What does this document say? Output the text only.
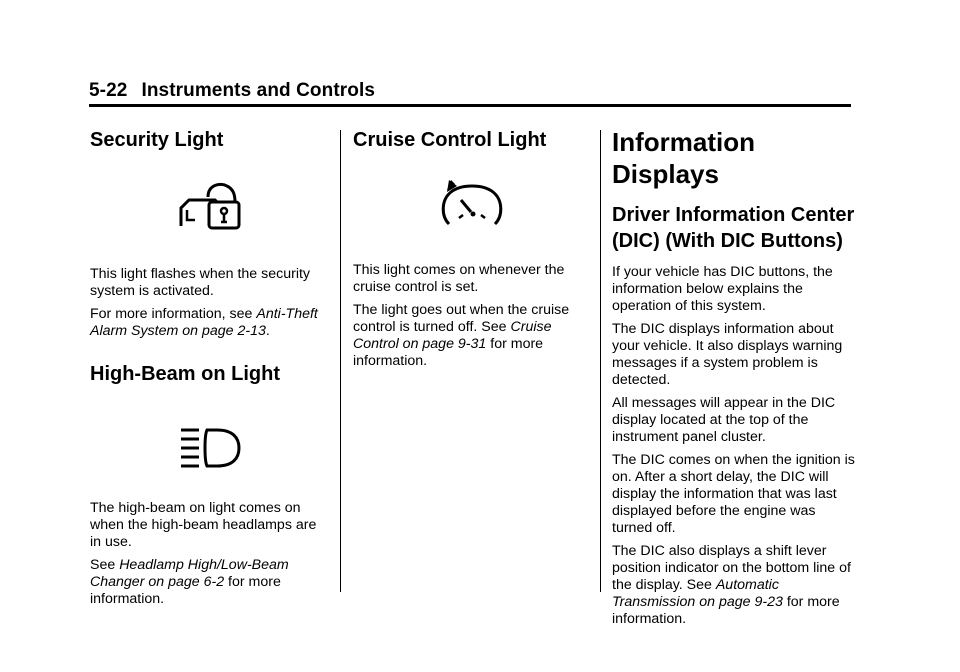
5-22 Instruments and Controls
Security Light

This light flashes when the security system is activated.

For more information, see Anti-Theft Alarm System on page 2-13.

High-Beam on Light

The high-beam on light comes on when the high-beam headlamps are in use.

See Headlamp High/Low-Beam Changer on page 6-2 for more information.

Cruise Control Light

This light comes on whenever the cruise control is set.

The light goes out when the cruise control is turned off. See Cruise Control on page 9-31 for more information.

Information Displays
Driver Information Center (DIC) (With DIC Buttons)

If your vehicle has DIC buttons, the information below explains the operation of this system.

The DIC displays information about your vehicle. It also displays warning messages if a system problem is detected.

All messages will appear in the DIC display located at the top of the instrument panel cluster.

The DIC comes on when the ignition is on. After a short delay, the DIC will display the information that was last displayed before the engine was turned off.

The DIC also displays a shift lever position indicator on the bottom line of the display. See Automatic Transmission on page 9-23 for more information.
